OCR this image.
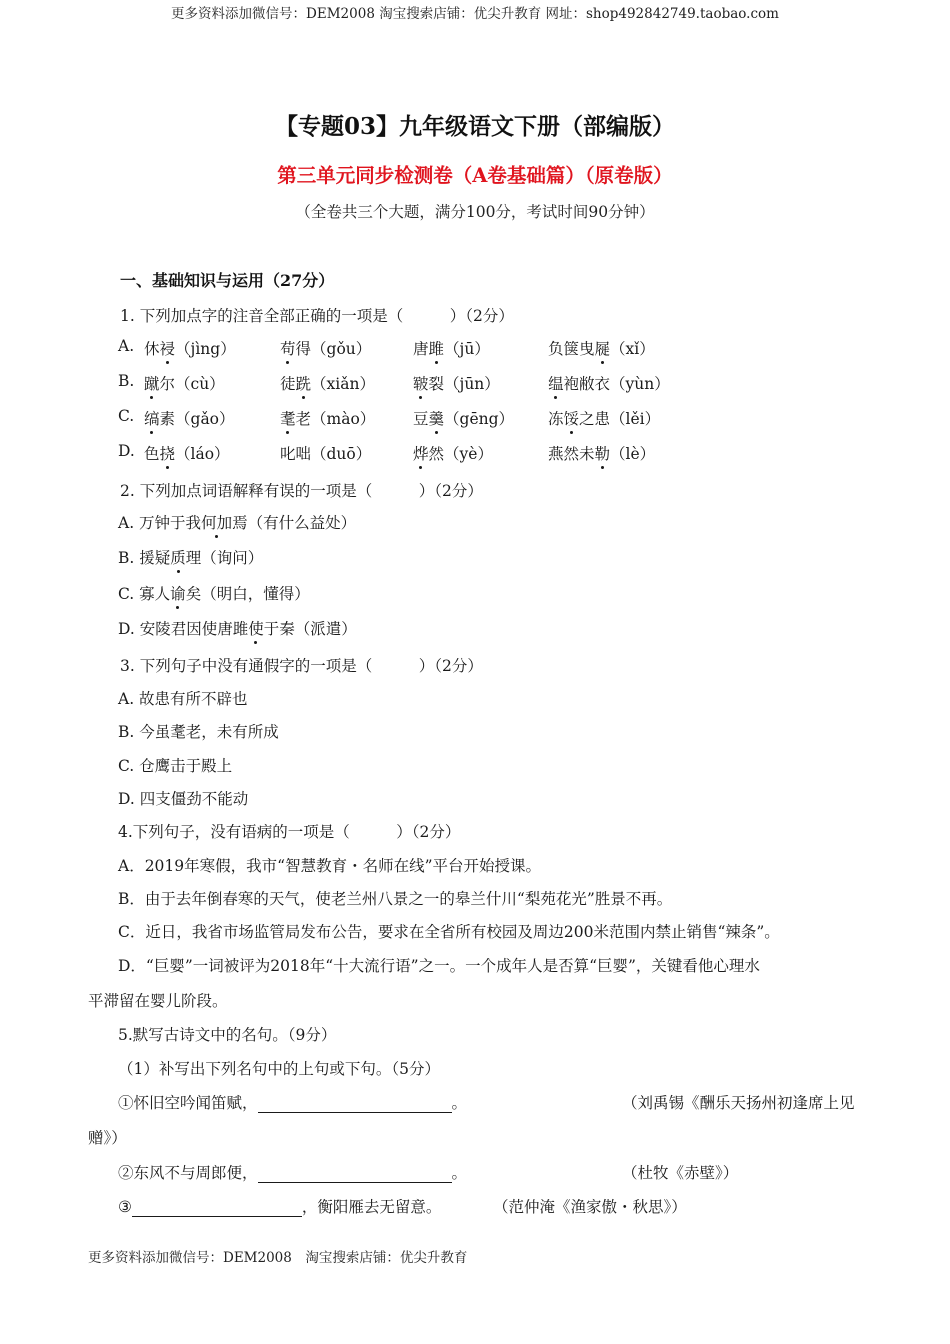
更多资料添加微信号：DEM2008 淘宝搜索店铺：优尖升教育 网址：shop492842749.taobao.com
【专题03】九年级语文下册（部编版）
第三单元同步检测卷（A卷基础篇）（原卷版）
（全卷共三个大题，满分100分，考试时间90分钟）
一、基础知识与运用（27分）
1. 下列加点字的注音全部正确的一项是（　　　）（2分）
A. 休祲（jìng）	苟得（gǒu）	唐雎（jū）	负箧曳屣（xǐ）
B. 蹴尔（cù）	徒跣（xiǎn） 皲裂（jūn）	缊袍敝衣（yùn）
C. 缟素（gǎo）	耄老（mào） 豆羹（gēng） 冻馁之患（lěi）
D. 色挠（láo）	叱咄（duō）	烨然（yè）	燕然未勒（lè）
2. 下列加点词语解释有误的一项是（　　　）（2分）
A. 万钟于我何加焉（有什么益处）
B. 援疑质理（询问）
C. 寡人谕矣（明白，懂得）
D. 安陵君因使唐雎使于秦（派遣）
3. 下列句子中没有通假字的一项是（　　　）（2分）
A. 故患有所不辟也
B. 今虽耄老，未有所成
C. 仓鹰击于殿上
D. 四支僵劲不能动
4.下列句子，没有语病的一项是（　　　）（2分）
A．2019年寒假，我市“智慧教育・名师在线”平台开始授课。
B．由于去年倒春寒的天气，使老兰州八景之一的皋兰什川“梨苑花光”胜景不再。
C．近日，我省市场监管局发布公告，要求在全省所有校园及周边200米范围内禁止销售“辣条”。
D．“巨婴”一词被评为2018年“十大流行语”之一。一个成年人是否算“巨婴”，关键看他心理水
平滞留在婴儿阶段。
5.默写古诗文中的名句。（9分）
（1）补写出下列名句中的上句或下句。（5分）
①怀旧空吟闻笛赋，	。	（刘禹锡《酬乐天扬州初逢席上见
赠》）
②东风不与周郎便，	。	（杜牧《赤壁》）
③	，衡阳雁去无留意。	（范仲淹《渔家傲・秋思》）
更多资料添加微信号：DEM2008　淘宝搜索店铺：优尖升教育
